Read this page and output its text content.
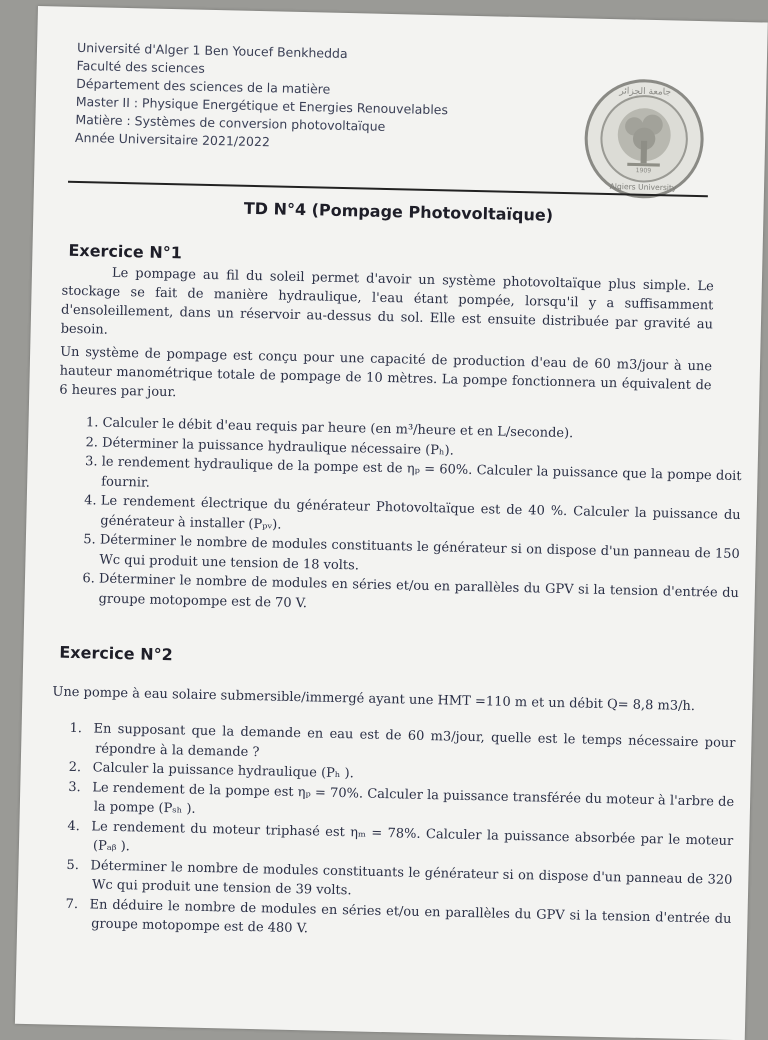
Université d'Alger 1 Ben Youcef Benkhedda
Faculté des sciences
Département des sciences de la matière
Master II : Physique Energétique et Energies Renouvelables
Matière : Systèmes de conversion photovoltaïque
Année Universitaire 2021/2022
جامعة الجزائر
1909
Algiers University
TD N°4 (Pompage Photovoltaïque)
Exercice N°1
Le pompage au fil du soleil permet d'avoir un système photovoltaïque plus simple. Le stockage se fait de manière hydraulique, l'eau étant pompée, lorsqu'il y a suffisamment d'ensoleillement, dans un réservoir au-dessus du sol. Elle est ensuite distribuée par gravité au besoin.
Un système de pompage est conçu pour une capacité de production d'eau de 60 m3/jour à une hauteur manométrique totale de pompage de 10 mètres. La pompe fonctionnera un équivalent de 6 heures par jour.
1. Calculer le débit d'eau requis par heure (en m³/heure et en L/seconde).
2. Déterminer la puissance hydraulique nécessaire (Pₕ).
3. le rendement hydraulique de la pompe est de ηₚ = 60%. Calculer la puissance que la pompe doit fournir.
4. Le rendement électrique du générateur Photovoltaïque est de 40 %. Calculer la puissance du générateur à installer (Pₚᵥ).
5. Déterminer le nombre de modules constituants le générateur si on dispose d'un panneau de 150 Wc qui produit une tension de 18 volts.
6. Déterminer le nombre de modules en séries et/ou en parallèles du GPV si la tension d'entrée du groupe motopompe est de 70 V.
Exercice N°2
Une pompe à eau solaire submersible/immergé ayant une HMT =110 m et un débit Q= 8,8 m3/h.
1. En supposant que la demande en eau est de 60 m3/jour, quelle est le temps nécessaire pour répondre à la demande ?
2. Calculer la puissance hydraulique (Pₕ ).
3. Le rendement de la pompe est ηₚ = 70%. Calculer la puissance transférée du moteur à l'arbre de la pompe (Pₛₕ ).
4. Le rendement du moteur triphasé est ηₘ = 78%. Calculer la puissance absorbée par le moteur (Pₐᵦ ).
5. Déterminer le nombre de modules constituants le générateur si on dispose d'un panneau de 320 Wc qui produit une tension de 39 volts.
7. En déduire le nombre de modules en séries et/ou en parallèles du GPV si la tension d'entrée du groupe motopompe est de 480 V.
